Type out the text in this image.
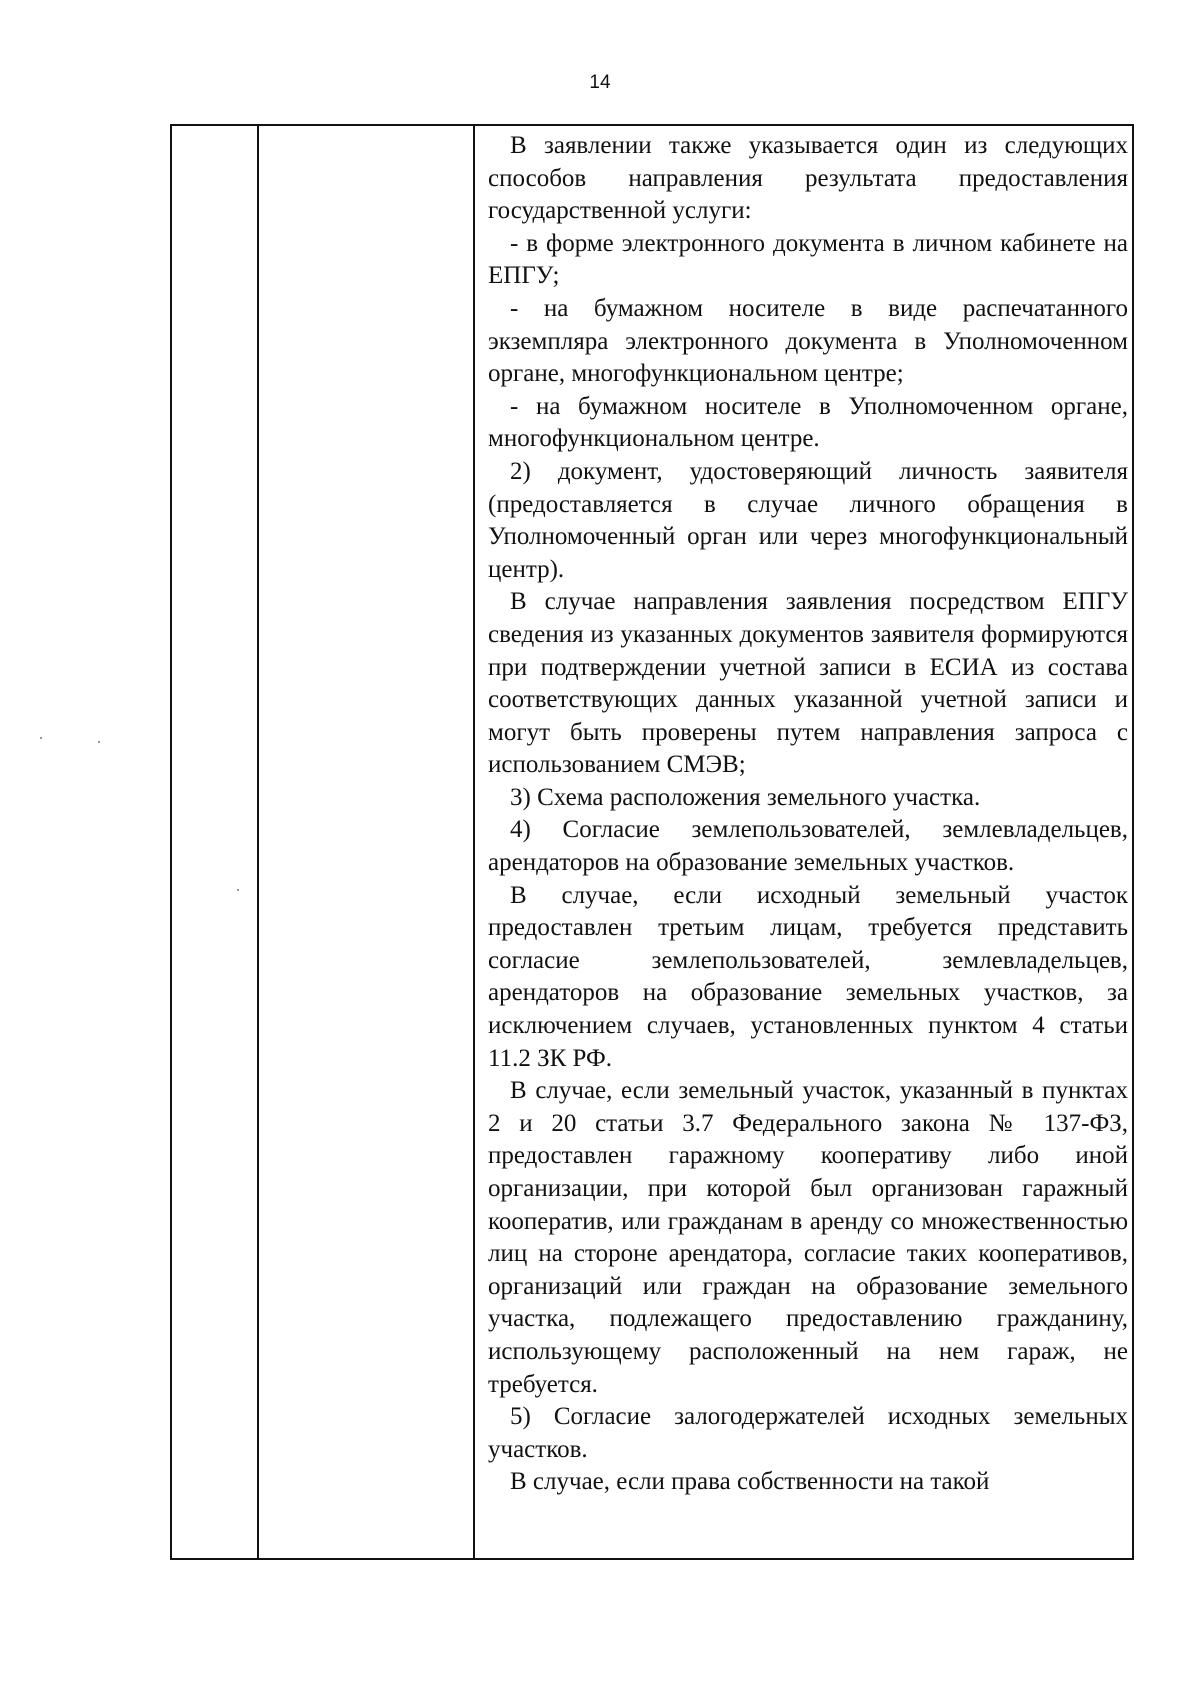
14

В заявлении также указывается один из следующих способов направления результата предоставления государственной услуги:

- в форме электронного документа в личном кабинете на ЕПГУ;

- на бумажном носителе в виде распечатанного экземпляра электронного документа в Уполномоченном органе, многофункциональном центре;

- на бумажном носителе в Уполномоченном органе, многофункциональном центре.

2) документ, удостоверяющий личность заявителя (предоставляется в случае личного обращения в Уполномоченный орган или через многофункциональный центр).

В случае направления заявления посредством ЕПГУ сведения из указанных документов заявителя формируются при подтверждении учетной записи в ЕСИА из состава соответствующих данных указанной учетной записи и могут быть проверены путем направления запроса с использованием СМЭВ;

3) Схема расположения земельного участка.

4) Согласие землепользователей, землевладельцев, арендаторов на образование земельных участков.

В случае, если исходный земельный участок предоставлен третьим лицам, требуется представить согласие землепользователей, землевладельцев, арендаторов на образование земельных участков, за исключением случаев, установленных пунктом 4 статьи 11.2 ЗК РФ.

В случае, если земельный участок, указанный в пунктах 2 и 20 статьи 3.7 Федерального закона № 137-ФЗ, предоставлен гаражному кооперативу либо иной организации, при которой был организован гаражный кооператив, или гражданам в аренду со множественностью лиц на стороне арендатора, согласие таких кооперативов, организаций или граждан на образование земельного участка, подлежащего предоставлению гражданину, использующему расположенный на нем гараж, не требуется.

5) Согласие залогодержателей исходных земельных участков.

В случае, если права собственности на такой
